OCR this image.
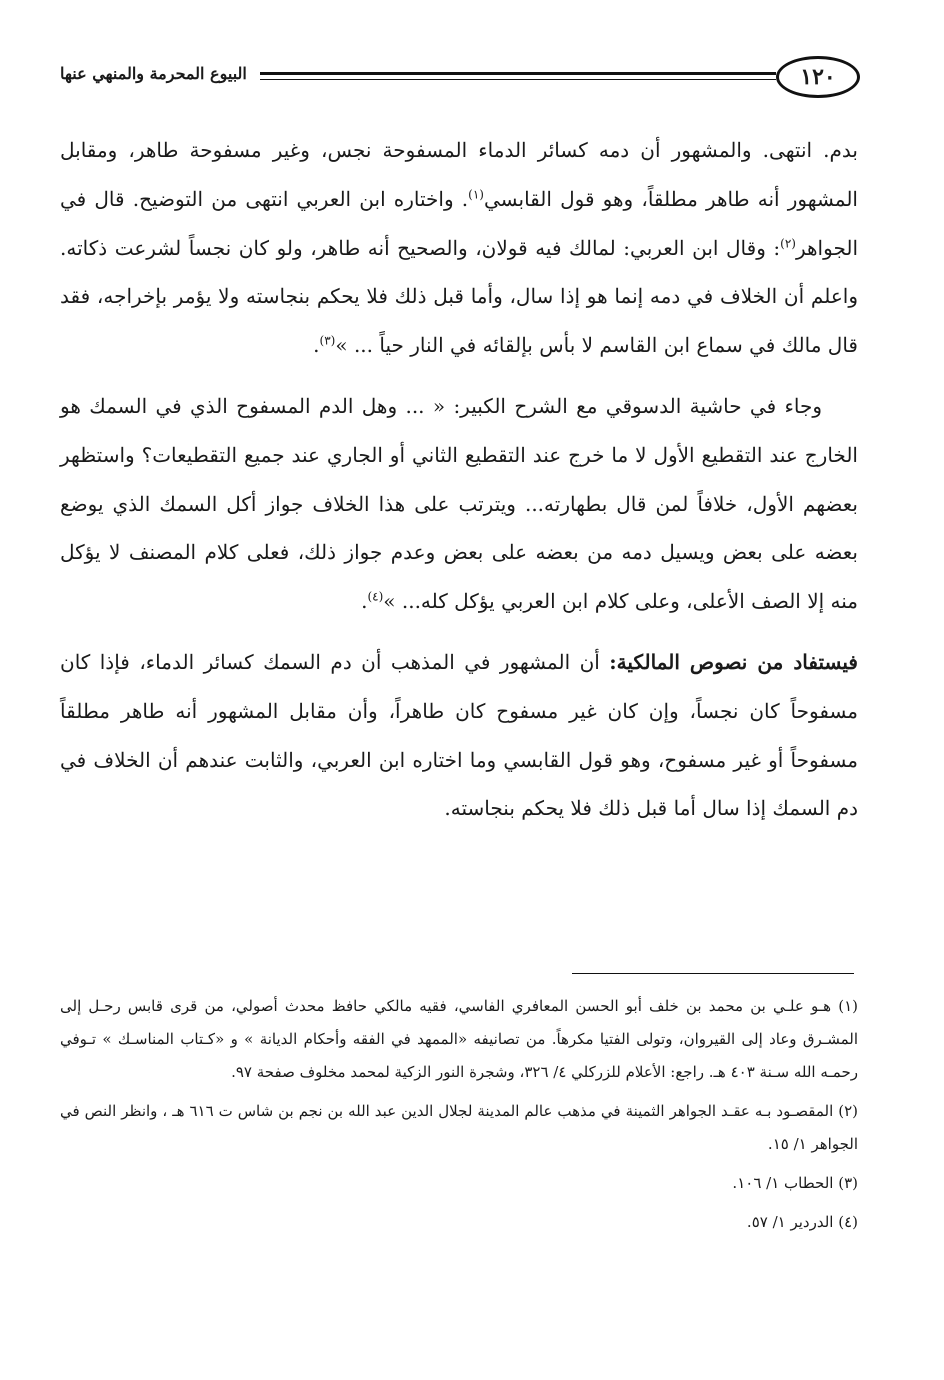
١٢٠
البيوع المحرمة والمنهي عنها

بدم. انتهى. والمشهور أن دمه كسائر الدماء المسفوحة نجس، وغير مسفوحة طاهر، ومقابل المشهور أنه طاهر مطلقاً، وهو قول القابسي$^{(١)}$. واختاره ابن العربي انتهى من التوضيح. قال في الجواهر$^{(٢)}$: وقال ابن العربي: لمالك فيه قولان، والصحيح أنه طاهر، ولو كان نجساً لشرعت ذكاته. واعلم أن الخلاف في دمه إنما هو إذا سال، وأما قبل ذلك فلا يحكم بنجاسته ولا يؤمر بإخراجه، فقد قال مالك في سماع ابن القاسم لا بأس بإلقائه في النار حياً ... »$^{(٣)}$.

وجاء في حاشية الدسوقي مع الشرح الكبير: « ... وهل الدم المسفوح الذي في السمك هو الخارج عند التقطيع الأول لا ما خرج عند التقطيع الثاني أو الجاري عند جميع التقطيعات؟ واستظهر بعضهم الأول، خلافاً لمن قال بطهارته... ويترتب على هذا الخلاف جواز أكل السمك الذي يوضع بعضه على بعض ويسيل دمه من بعضه على بعض وعدم جواز ذلك، فعلى كلام المصنف لا يؤكل منه إلا الصف الأعلى، وعلى كلام ابن العربي يؤكل كله... »$^{(٤)}$.

فيستفاد من نصوص المالكية: أن المشهور في المذهب أن دم السمك كسائر الدماء، فإذا كان مسفوحاً كان نجساً، وإن كان غير مسفوح كان طاهراً، وأن مقابل المشهور أنه طاهر مطلقاً مسفوحاً أو غير مسفوح، وهو قول القابسي وما اختاره ابن العربي، والثابت عندهم أن الخلاف في دم السمك إذا سال أما قبل ذلك فلا يحكم بنجاسته.

(١) هـو علـي بن محمد بن خلف أبو الحسن المعافري الفاسي، فقيه مالكي حافظ محدث أصولي، من قرى قابس رحـل إلى المشـرق وعاد إلى القيروان، وتولى الفتيا مكرهاً. من تصانيفه «الممهد في الفقه وأحكام الديانة » و «كـتاب المناسـك » تـوفي رحمـه الله سـنة ٤٠٣ هـ. راجع: الأعلام للزركلي ٤/ ٣٢٦، وشجرة النور الزكية لمحمد مخلوف صفحة ٩٧.

(٢) المقصـود بـه عقـد الجواهر الثمينة في مذهب عالم المدينة لجلال الدين عبد الله بن نجم بن شاس ت ٦١٦ هـ ، وانظر النص في الجواهر ١/ ١٥.

(٣) الحطاب ١/ ١٠٦.

(٤) الدردير ١/ ٥٧.
